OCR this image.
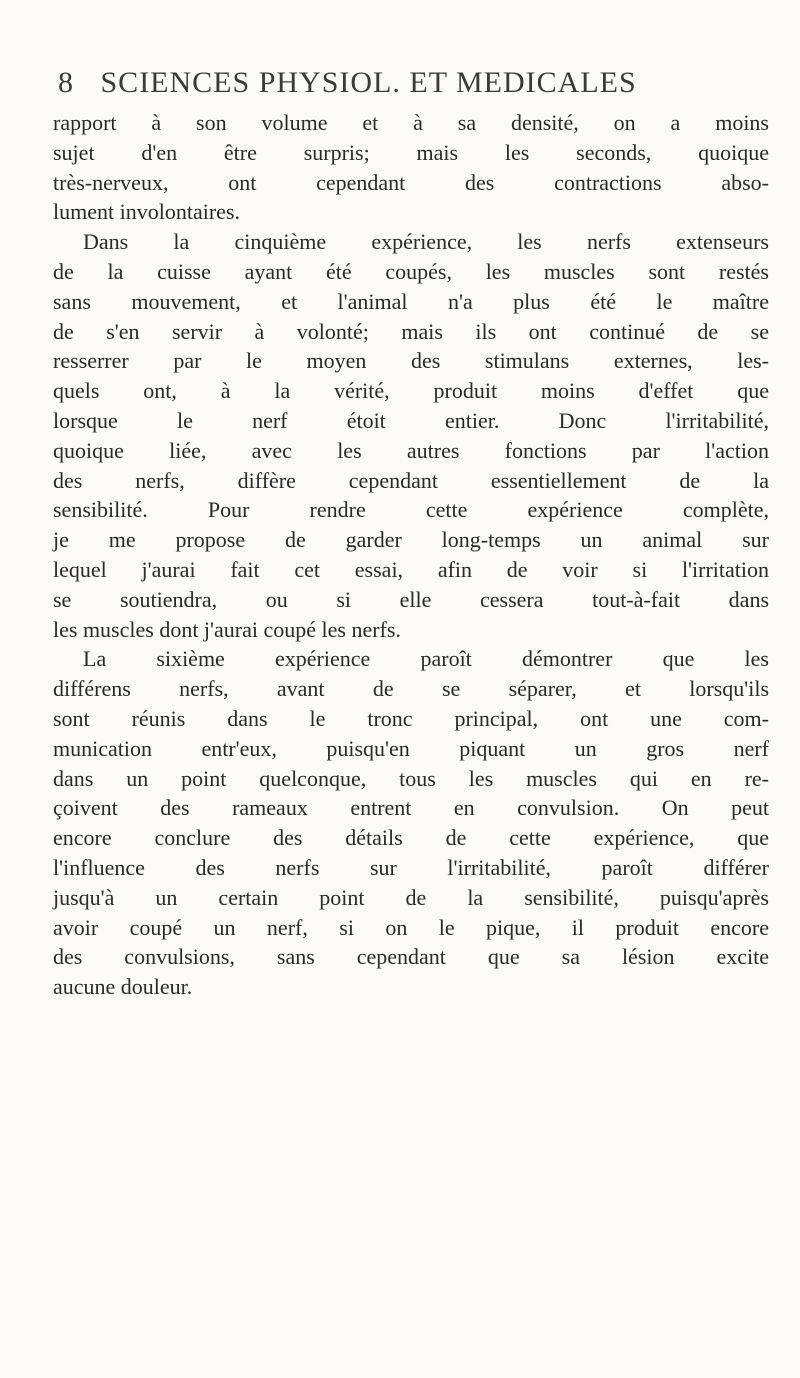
8 SCIENCES PHYSIOL. ET MEDICALES
rapport à son volume et à sa densité, on a moins
sujet d'en être surpris; mais les seconds, quoique
très-nerveux, ont cependant des contractions abso-
lument involontaires.
Dans la cinquième expérience, les nerfs extenseurs
de la cuisse ayant été coupés, les muscles sont restés
sans mouvement, et l'animal n'a plus été le maître
de s'en servir à volonté; mais ils ont continué de se
resserrer par le moyen des stimulans externes, les-
quels ont, à la vérité, produit moins d'effet que
lorsque le nerf étoit entier. Donc l'irritabilité,
quoique liée, avec les autres fonctions par l'action
des nerfs, diffère cependant essentiellement de la
sensibilité. Pour rendre cette expérience complète,
je me propose de garder long-temps un animal sur
lequel j'aurai fait cet essai, afin de voir si l'irritation
se soutiendra, ou si elle cessera tout-à-fait dans
les muscles dont j'aurai coupé les nerfs.
La sixième expérience paroît démontrer que les
différens nerfs, avant de se séparer, et lorsqu'ils
sont réunis dans le tronc principal, ont une com-
munication entr'eux, puisqu'en piquant un gros nerf
dans un point quelconque, tous les muscles qui en re-
çoivent des rameaux entrent en convulsion. On peut
encore conclure des détails de cette expérience, que
l'influence des nerfs sur l'irritabilité, paroît différer
jusqu'à un certain point de la sensibilité, puisqu'après
avoir coupé un nerf, si on le pique, il produit encore
des convulsions, sans cependant que sa lésion excite
aucune douleur.
